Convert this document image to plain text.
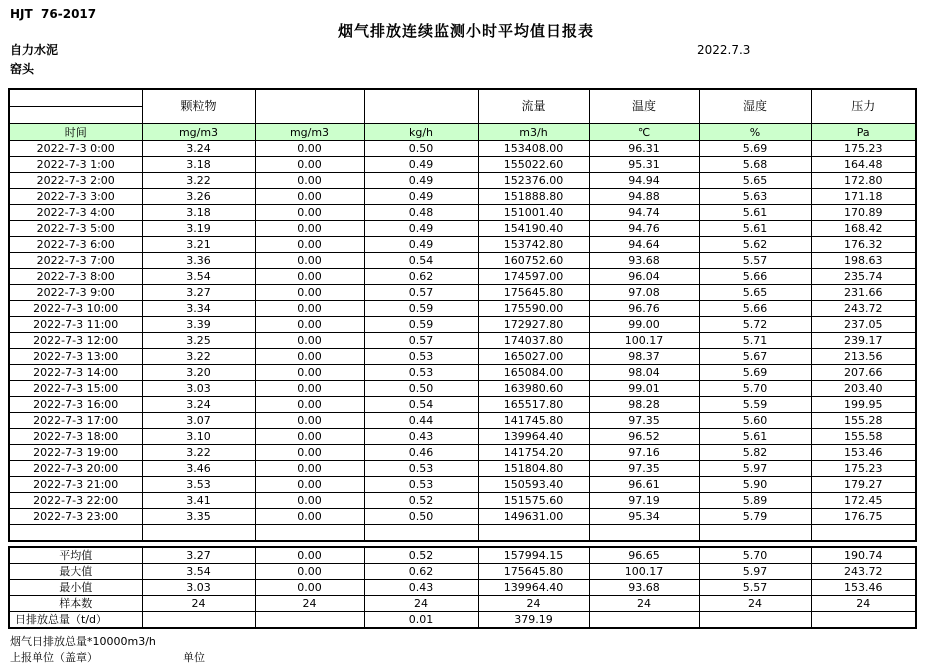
HJT  76-2017
烟气排放连续监测小时平均值日报表
自力水泥
窑头
2022.7.3
	颗粒物			流量	温度	湿度	压力

时间	mg/m3	mg/m3	kg/h	m3/h	℃	%	Pa
2022-7-3 0:00	3.24	0.00	0.50	153408.00	96.31	5.69	175.23
2022-7-3 1:00	3.18	0.00	0.49	155022.60	95.31	5.68	164.48
2022-7-3 2:00	3.22	0.00	0.49	152376.00	94.94	5.65	172.80
2022-7-3 3:00	3.26	0.00	0.49	151888.80	94.88	5.63	171.18
2022-7-3 4:00	3.18	0.00	0.48	151001.40	94.74	5.61	170.89
2022-7-3 5:00	3.19	0.00	0.49	154190.40	94.76	5.61	168.42
2022-7-3 6:00	3.21	0.00	0.49	153742.80	94.64	5.62	176.32
2022-7-3 7:00	3.36	0.00	0.54	160752.60	93.68	5.57	198.63
2022-7-3 8:00	3.54	0.00	0.62	174597.00	96.04	5.66	235.74
2022-7-3 9:00	3.27	0.00	0.57	175645.80	97.08	5.65	231.66
2022-7-3 10:00	3.34	0.00	0.59	175590.00	96.76	5.66	243.72
2022-7-3 11:00	3.39	0.00	0.59	172927.80	99.00	5.72	237.05
2022-7-3 12:00	3.25	0.00	0.57	174037.80	100.17	5.71	239.17
2022-7-3 13:00	3.22	0.00	0.53	165027.00	98.37	5.67	213.56
2022-7-3 14:00	3.20	0.00	0.53	165084.00	98.04	5.69	207.66
2022-7-3 15:00	3.03	0.00	0.50	163980.60	99.01	5.70	203.40
2022-7-3 16:00	3.24	0.00	0.54	165517.80	98.28	5.59	199.95
2022-7-3 17:00	3.07	0.00	0.44	141745.80	97.35	5.60	155.28
2022-7-3 18:00	3.10	0.00	0.43	139964.40	96.52	5.61	155.58
2022-7-3 19:00	3.22	0.00	0.46	141754.20	97.16	5.82	153.46
2022-7-3 20:00	3.46	0.00	0.53	151804.80	97.35	5.97	175.23
2022-7-3 21:00	3.53	0.00	0.53	150593.40	96.61	5.90	179.27
2022-7-3 22:00	3.41	0.00	0.52	151575.60	97.19	5.89	172.45
2022-7-3 23:00	3.35	0.00	0.50	149631.00	95.34	5.79	176.75

平均值	3.27	0.00	0.52	157994.15	96.65	5.70	190.74
最大值	3.54	0.00	0.62	175645.80	100.17	5.97	243.72
最小值	3.03	0.00	0.43	139964.40	93.68	5.57	153.46
样本数	24	24	24	24	24	24	24
日排放总量（t/d）			0.01	379.19			
烟气日排放总量*10000m3/h
上报单位（盖章）	单位
